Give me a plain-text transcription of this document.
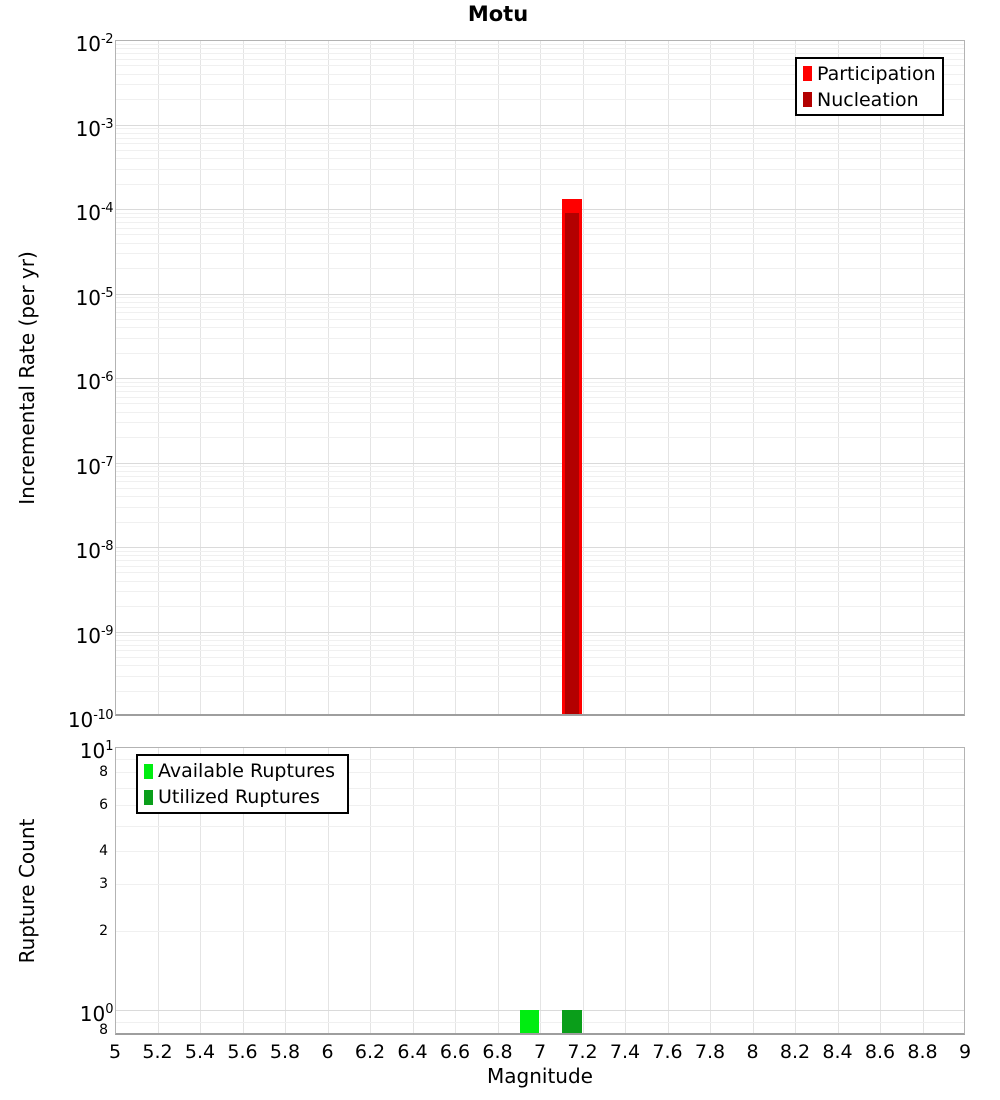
Motu
Incremental Rate (per yr)
Rupture Count
Magnitude
Participation
Nucleation
Available Ruptures
Utilized Ruptures
$10^{-2}$
$10^{-3}$
$10^{-4}$
$10^{-5}$
$10^{-6}$
$10^{-7}$
$10^{-8}$
$10^{-9}$
$10^{-10}$
$10^1$
$10^0$
8
6
4
3
2
8
5	5.2 5.4 5.6 5.8	6	6.2 6.4 6.6 6.8	7	7.2 7.4 7.6 7.8	8	8.2 8.4 8.6 8.8	9
